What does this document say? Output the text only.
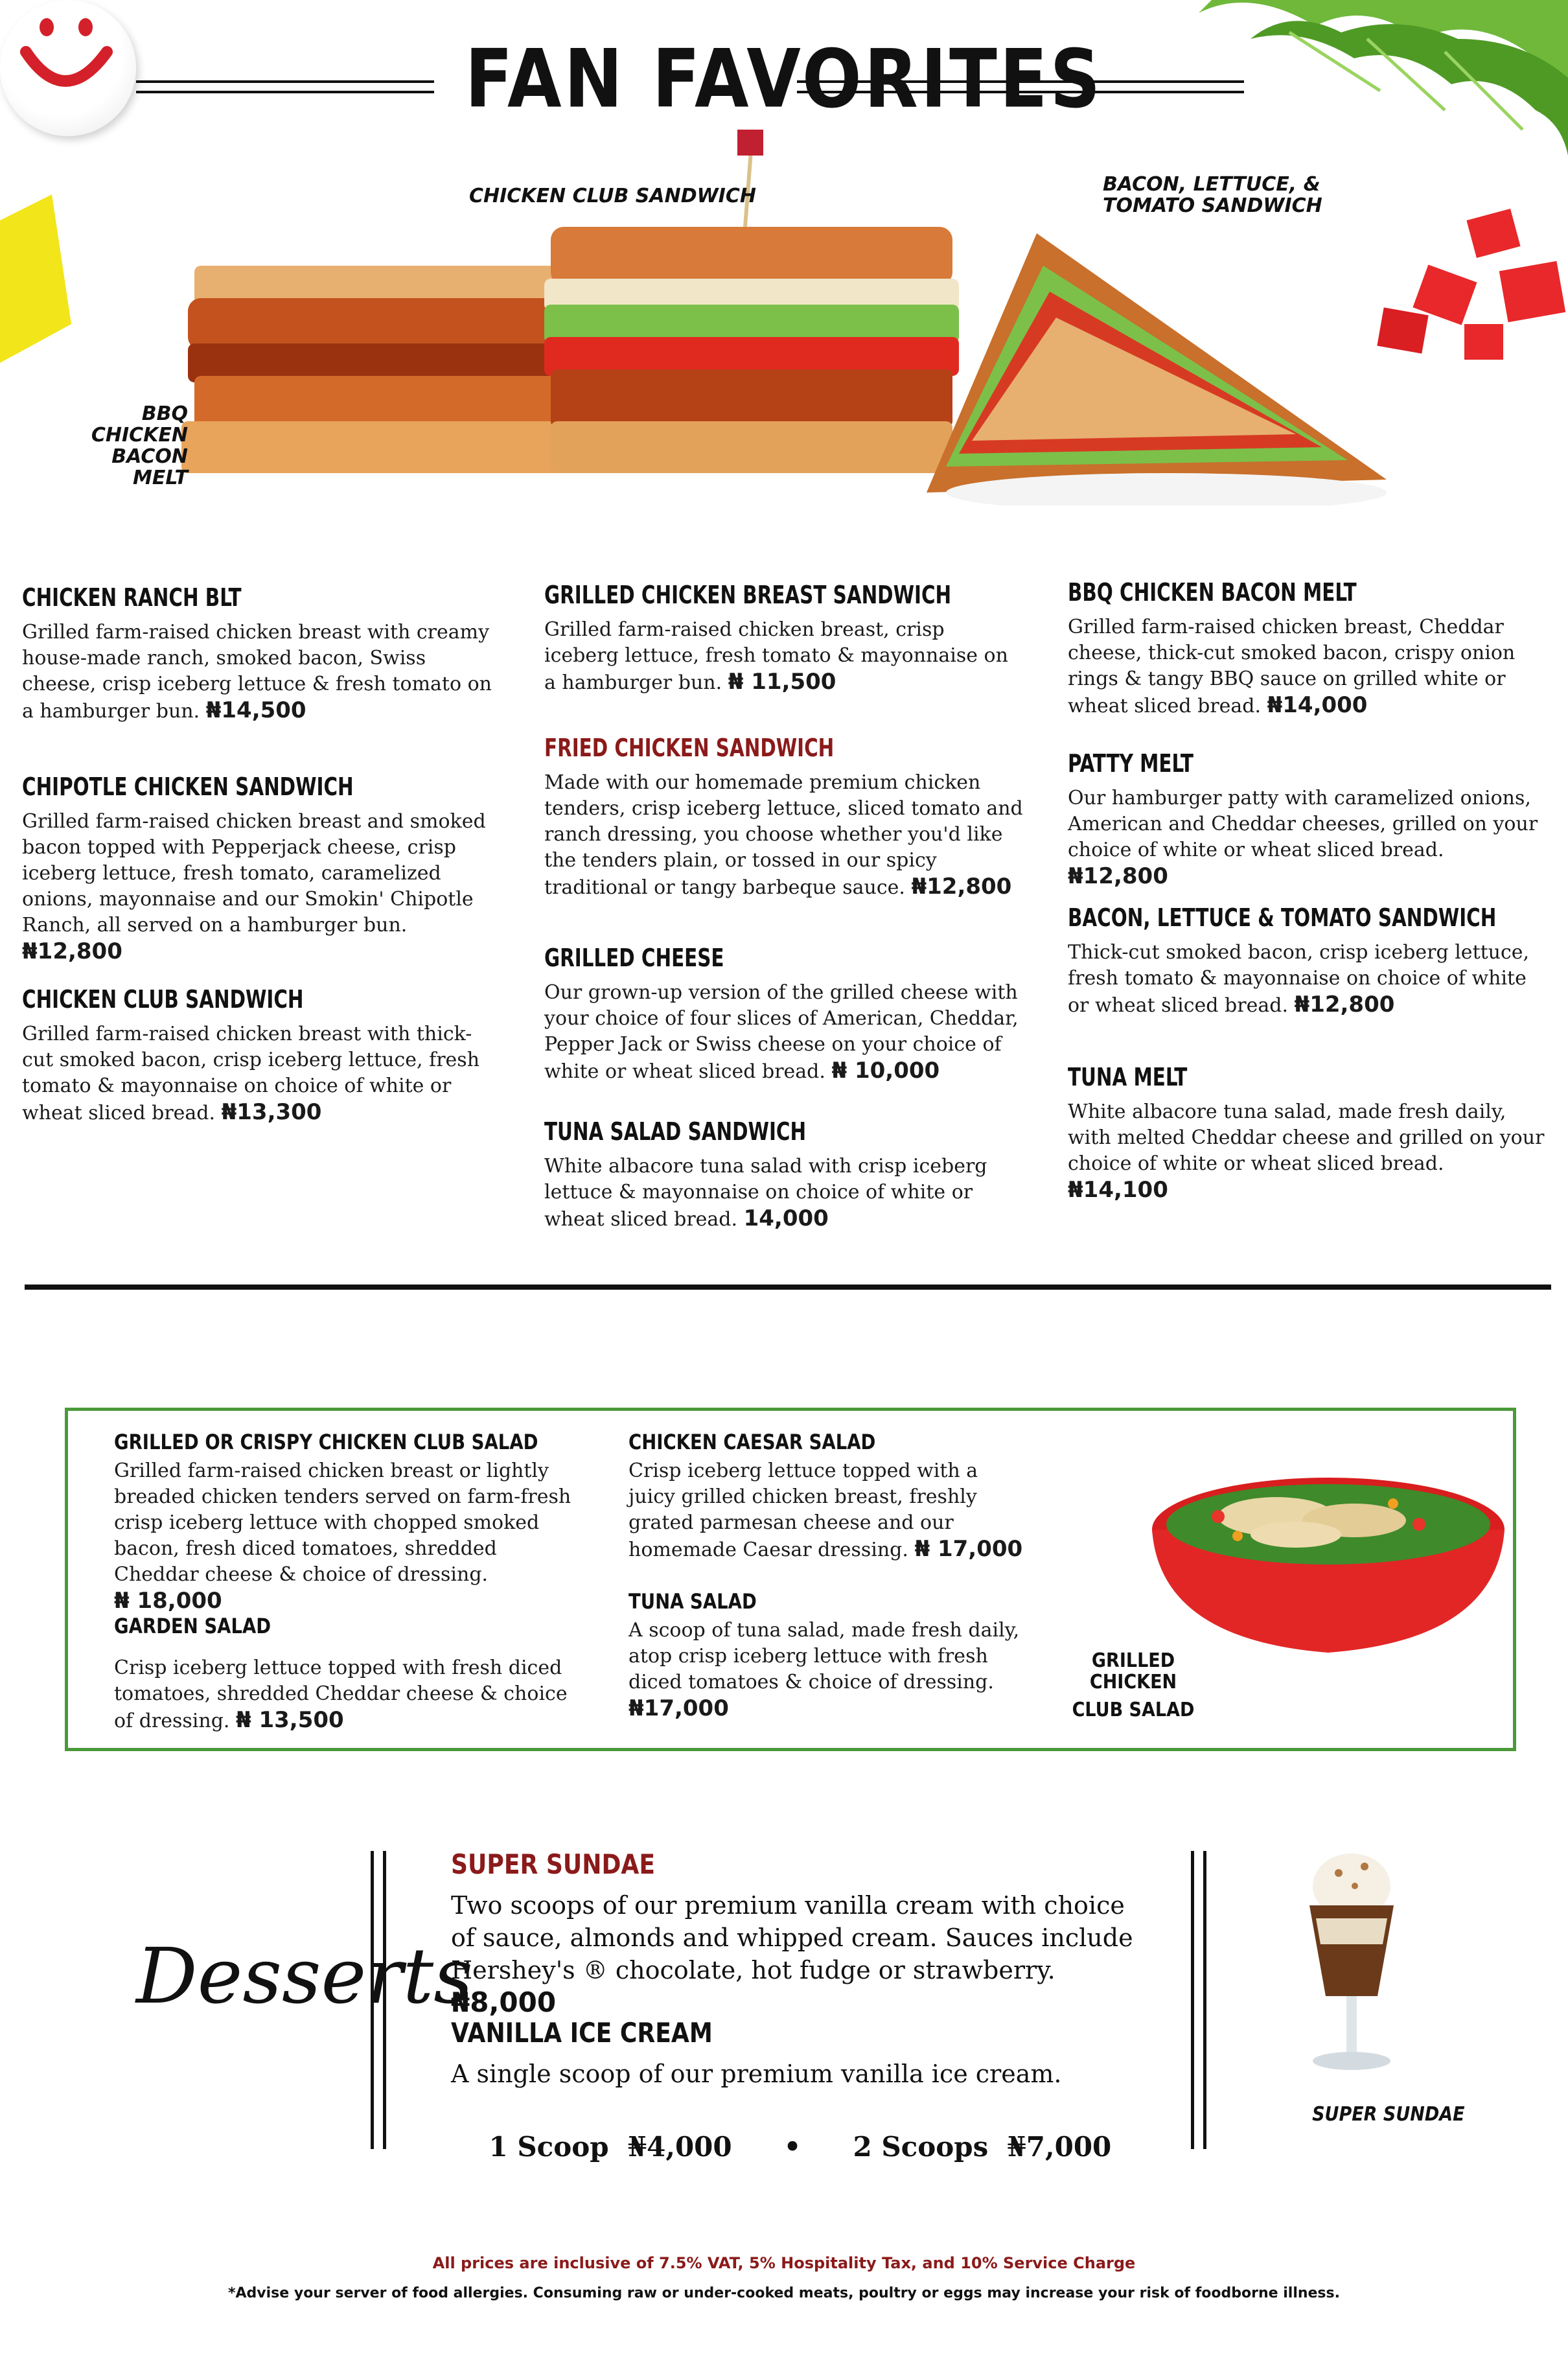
FAN FAVORITES
CHICKEN CLUB SANDWICH
BACON, LETTUCE, &
TOMATO SANDWICH
BBQ CHICKEN
BACON MELT
CHICKEN RANCH BLT
Grilled farm-raised chicken breast with creamy house-made ranch, smoked bacon, Swiss cheese, crisp iceberg lettuce & fresh tomato on a hamburger bun. ₦14,500
CHIPOTLE CHICKEN SANDWICH
Grilled farm-raised chicken breast and smoked bacon topped with Pepperjack cheese, crisp iceberg lettuce, fresh tomato, caramelized onions, mayonnaise and our Smokin' Chipotle Ranch, all served on a hamburger bun. ₦12,800
CHICKEN CLUB SANDWICH
Grilled farm-raised chicken breast with thick-cut smoked bacon, crisp iceberg lettuce, fresh tomato & mayonnaise on choice of white or wheat sliced bread. ₦13,300
GRILLED CHICKEN BREAST SANDWICH
Grilled farm-raised chicken breast, crisp iceberg lettuce, fresh tomato & mayonnaise on a hamburger bun. ₦ 11,500
FRIED CHICKEN SANDWICH
Made with our homemade premium chicken tenders, crisp iceberg lettuce, sliced tomato and ranch dressing, you choose whether you'd like the tenders plain, or tossed in our spicy traditional or tangy barbeque sauce. ₦12,800
GRILLED CHEESE
Our grown-up version of the grilled cheese with your choice of four slices of American, Cheddar, Pepper Jack or Swiss cheese on your choice of white or wheat sliced bread. ₦ 10,000
TUNA SALAD SANDWICH
White albacore tuna salad with crisp iceberg lettuce & mayonnaise on choice of white or wheat sliced bread. 14,000
BBQ CHICKEN BACON MELT
Grilled farm-raised chicken breast, Cheddar cheese, thick-cut smoked bacon, crispy onion rings & tangy BBQ sauce on grilled white or wheat sliced bread. ₦14,000
PATTY MELT
Our hamburger patty with caramelized onions, American and Cheddar cheeses, grilled on your choice of white or wheat sliced bread. ₦12,800
BACON, LETTUCE & TOMATO SANDWICH
Thick-cut smoked bacon, crisp iceberg lettuce, fresh tomato & mayonnaise on choice of white or wheat sliced bread. ₦12,800
TUNA MELT
White albacore tuna salad, made fresh daily, with melted Cheddar cheese and grilled on your choice of white or wheat sliced bread. ₦14,100
GRILLED OR CRISPY CHICKEN CLUB SALAD
Grilled farm-raised chicken breast or lightly breaded chicken tenders served on farm-fresh crisp iceberg lettuce with chopped smoked bacon, fresh diced tomatoes, shredded Cheddar cheese & choice of dressing. ₦ 18,000
GARDEN SALAD
Crisp iceberg lettuce topped with fresh diced tomatoes, shredded Cheddar cheese & choice of dressing. ₦ 13,500
CHICKEN CAESAR SALAD
Crisp iceberg lettuce topped with a juicy grilled chicken breast, freshly grated parmesan cheese and our homemade Caesar dressing. ₦ 17,000
TUNA SALAD
A scoop of tuna salad, made fresh daily, atop crisp iceberg lettuce with fresh diced tomatoes & choice of dressing. ₦17,000
GRILLED CHICKEN
CLUB SALAD
Desserts
SUPER SUNDAE
Two scoops of our premium vanilla cream with choice of sauce, almonds and whipped cream. Sauces include Hershey's ® chocolate, hot fudge or strawberry.₦8,000
VANILLA ICE CREAM
A single scoop of our premium vanilla ice cream.

1 Scoop  ₦4,000 • 2 Scoops  ₦7,000

SUPER SUNDAE
All prices are inclusive of 7.5% VAT, 5% Hospitality Tax, and 10% Service Charge
*Advise your server of food allergies. Consuming raw or under-cooked meats, poultry or eggs may increase your risk of foodborne illness.
